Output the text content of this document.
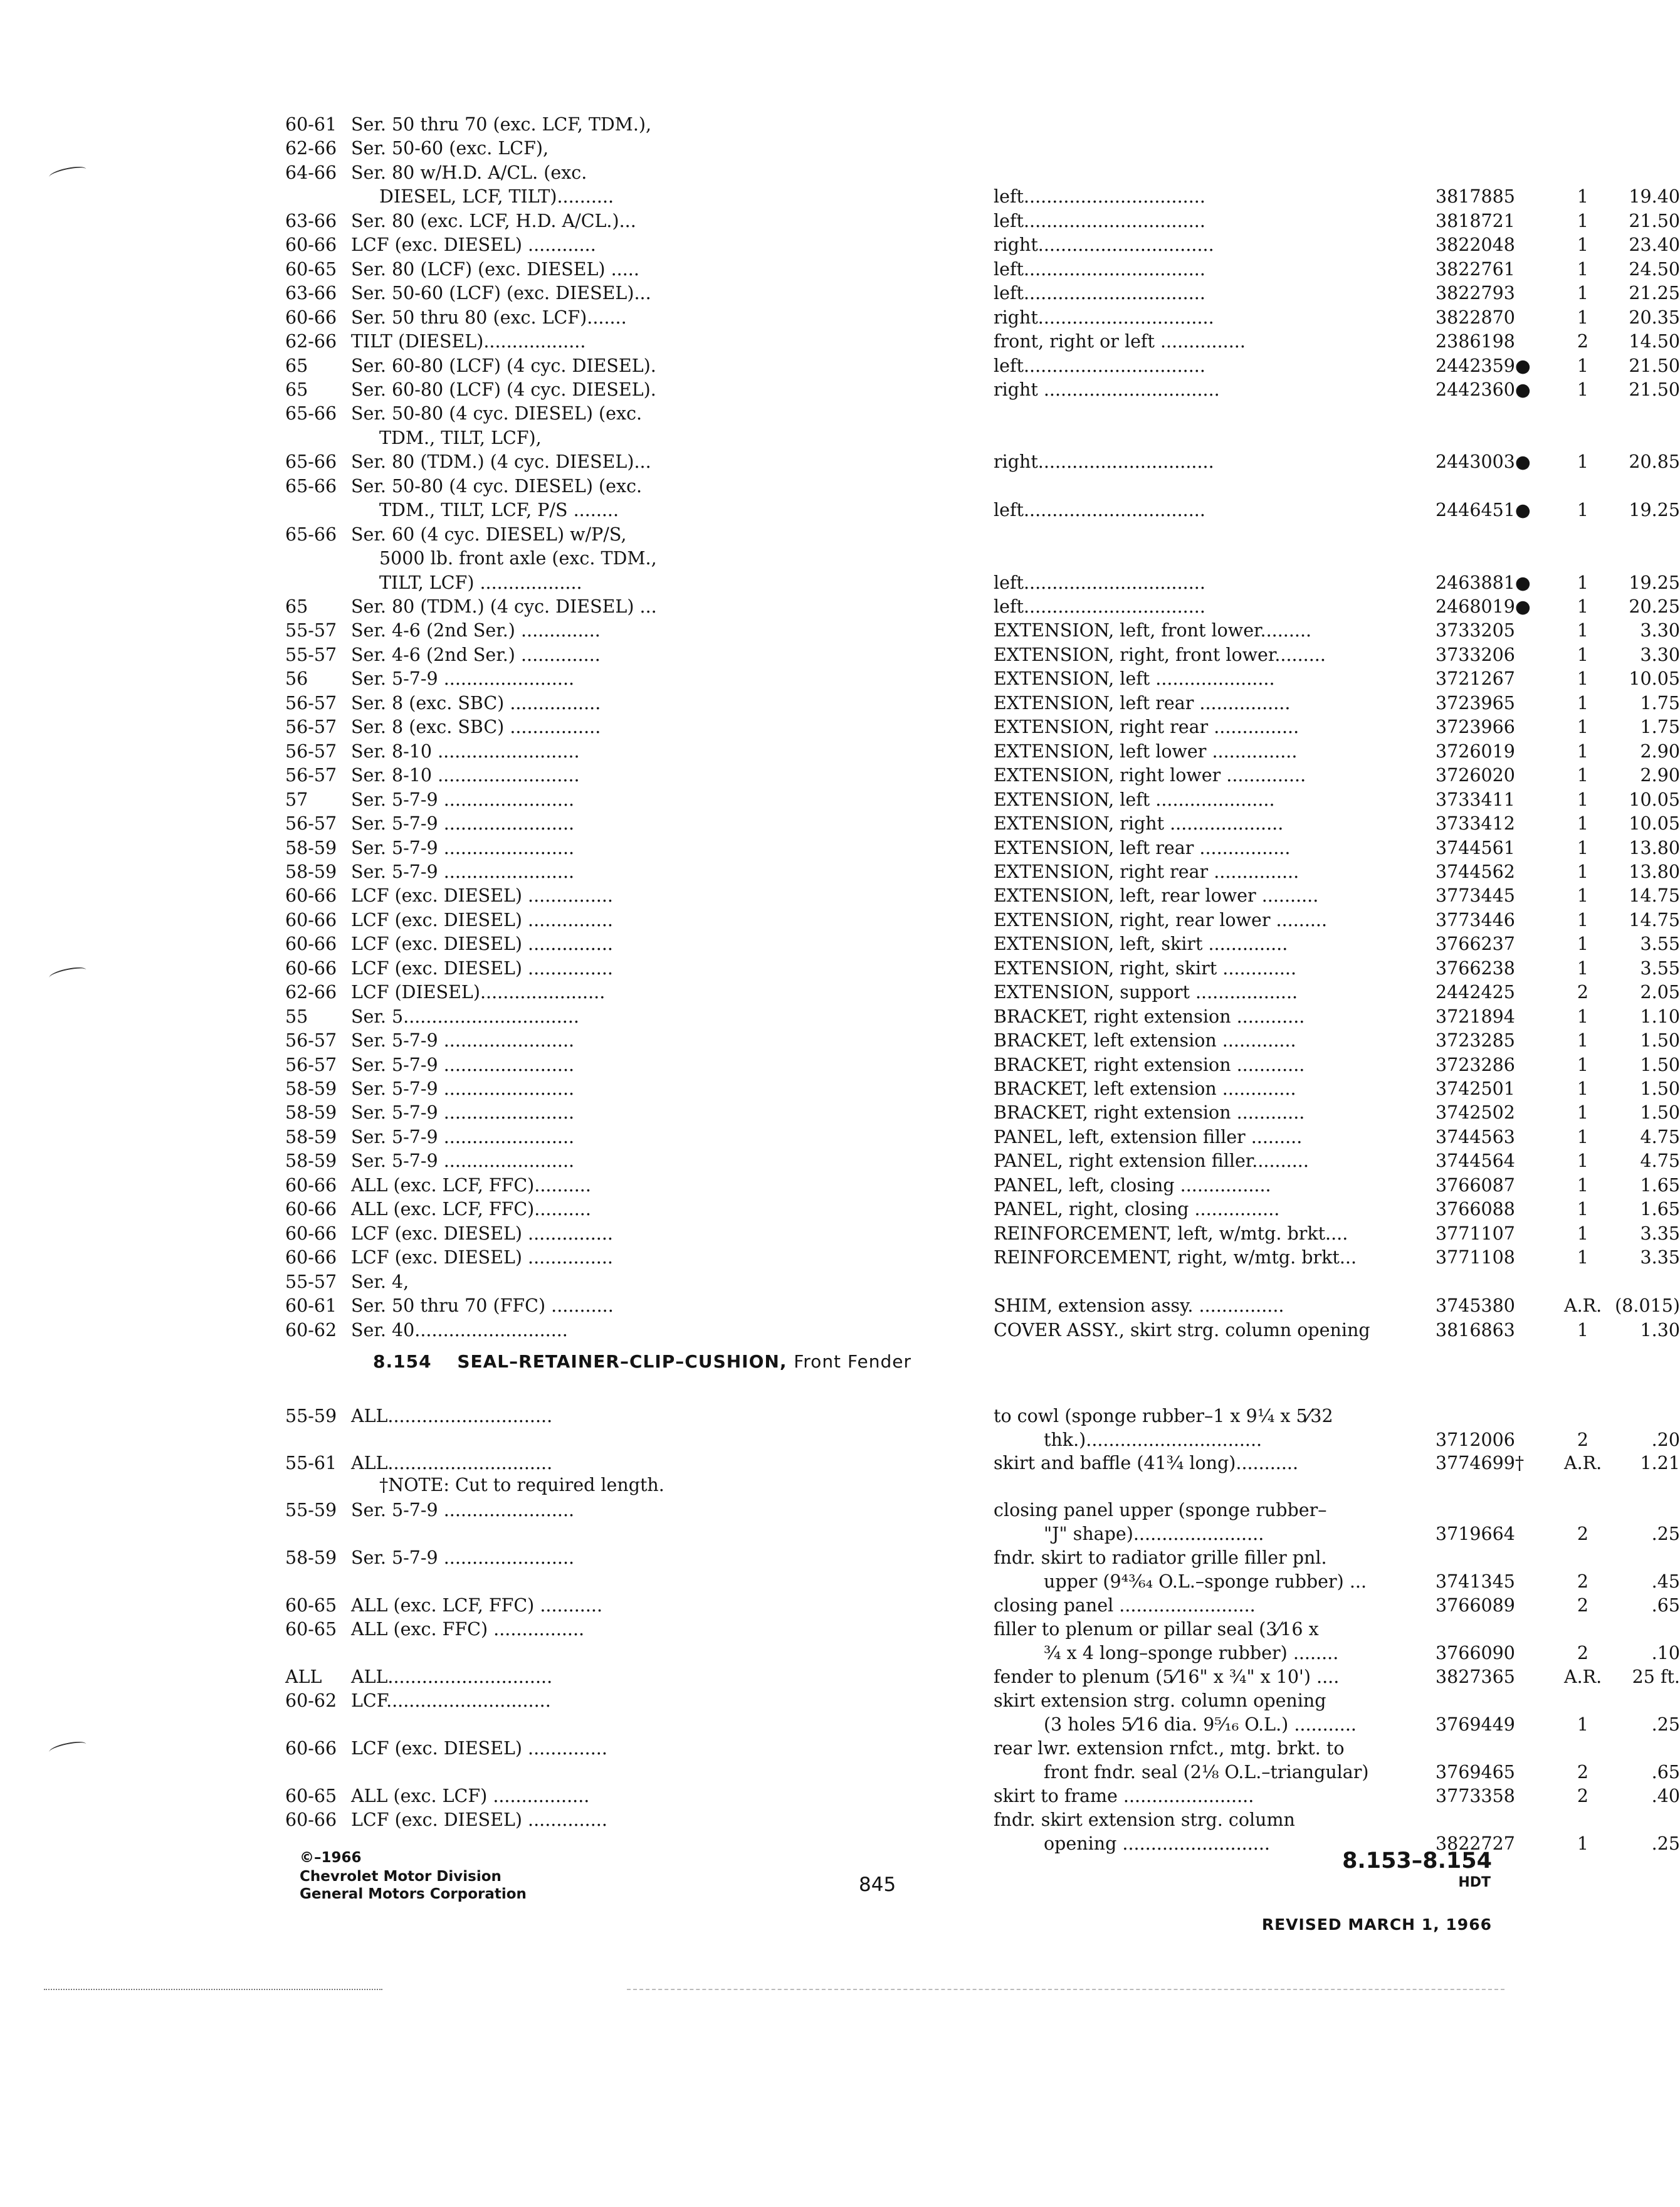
60-61 Ser. 50 thru 70 (exc. LCF, TDM.),
62-66 Ser. 50-60 (exc. LCF),
64-66 Ser. 80 w/H.D. A/CL. (exc.
DIESEL, LCF, TILT)..........	left................................	3817885	1	19.40
63-66 Ser. 80 (exc. LCF, H.D. A/CL.)...	left................................	3818721	1	21.50
60-66 LCF (exc. DIESEL) ............	right...............................	3822048	1	23.40
60-65 Ser. 80 (LCF) (exc. DIESEL) .....	left................................	3822761	1	24.50
63-66 Ser. 50-60 (LCF) (exc. DIESEL)...	left................................	3822793	1	21.25
60-66 Ser. 50 thru 80 (exc. LCF).......	right...............................	3822870	1	20.35
62-66 TILT (DIESEL)..................	front, right or left ...............	2386198	2	14.50
65	Ser. 60-80 (LCF) (4 cyc. DIESEL).	left................................	2442359●	1	21.50
65	Ser. 60-80 (LCF) (4 cyc. DIESEL).	right ...............................	2442360●	1	21.50
65-66 Ser. 50-80 (4 cyc. DIESEL) (exc.
TDM., TILT, LCF),
65-66 Ser. 80 (TDM.) (4 cyc. DIESEL)...	right...............................	2443003●	1	20.85
65-66 Ser. 50-80 (4 cyc. DIESEL) (exc.
TDM., TILT, LCF, P/S ........	left................................	2446451●	1	19.25
65-66 Ser. 60 (4 cyc. DIESEL) w/P/S,
5000 lb. front axle (exc. TDM.,
TILT, LCF) ..................	left................................	2463881●	1	19.25
65	Ser. 80 (TDM.) (4 cyc. DIESEL) ...	left................................	2468019●	1	20.25
55-57 Ser. 4-6 (2nd Ser.) ..............	EXTENSION, left, front lower.........	3733205	1	3.30
55-57 Ser. 4-6 (2nd Ser.) ..............	EXTENSION, right, front lower.........	3733206	1	3.30
56	Ser. 5-7-9 .......................	EXTENSION, left .....................	3721267	1	10.05
56-57 Ser. 8 (exc. SBC) ................	EXTENSION, left rear ................	3723965	1	1.75
56-57 Ser. 8 (exc. SBC) ................	EXTENSION, right rear ...............	3723966	1	1.75
56-57 Ser. 8-10 .........................	EXTENSION, left lower ...............	3726019	1	2.90
56-57 Ser. 8-10 .........................	EXTENSION, right lower ..............	3726020	1	2.90
57	Ser. 5-7-9 .......................	EXTENSION, left .....................	3733411	1	10.05
56-57 Ser. 5-7-9 .......................	EXTENSION, right ....................	3733412	1	10.05
58-59 Ser. 5-7-9 .......................	EXTENSION, left rear ................	3744561	1	13.80
58-59 Ser. 5-7-9 .......................	EXTENSION, right rear ...............	3744562	1	13.80
60-66 LCF (exc. DIESEL) ...............	EXTENSION, left, rear lower ..........	3773445	1	14.75
60-66 LCF (exc. DIESEL) ...............	EXTENSION, right, rear lower .........	3773446	1	14.75
60-66 LCF (exc. DIESEL) ...............	EXTENSION, left, skirt ..............	3766237	1	3.55
60-66 LCF (exc. DIESEL) ...............	EXTENSION, right, skirt .............	3766238	1	3.55
62-66 LCF (DIESEL)......................	EXTENSION, support ..................	2442425	2	2.05
55	Ser. 5...............................	BRACKET, right extension ............	3721894	1	1.10
56-57 Ser. 5-7-9 .......................	BRACKET, left extension .............	3723285	1	1.50
56-57 Ser. 5-7-9 .......................	BRACKET, right extension ............	3723286	1	1.50
58-59 Ser. 5-7-9 .......................	BRACKET, left extension .............	3742501	1	1.50
58-59 Ser. 5-7-9 .......................	BRACKET, right extension ............	3742502	1	1.50
58-59 Ser. 5-7-9 .......................	PANEL, left, extension filler .........	3744563	1	4.75
58-59 Ser. 5-7-9 .......................	PANEL, right extension filler..........	3744564	1	4.75
60-66 ALL (exc. LCF, FFC)..........	PANEL, left, closing ................	3766087	1	1.65
60-66 ALL (exc. LCF, FFC)..........	PANEL, right, closing ...............	3766088	1	1.65
60-66 LCF (exc. DIESEL) ...............	REINFORCEMENT, left, w/mtg. brkt....	3771107	1	3.35
60-66 LCF (exc. DIESEL) ...............	REINFORCEMENT, right, w/mtg. brkt...	3771108	1	3.35
55-57 Ser. 4,
60-61 Ser. 50 thru 70 (FFC) ...........	SHIM, extension assy. ...............	3745380	A.R. (8.015)
60-62 Ser. 40...........................	COVER ASSY., skirt strg. column opening	3816863	1	1.30
8.154 SEAL–RETAINER–CLIP–CUSHION, Front Fender
55-59 ALL.............................	to cowl (sponge rubber–1 x 9¼ x 5⁄32
thk.)...............................	3712006	2	.20
55-61 ALL.............................	skirt and baffle (41¾ long)...........	3774699†	A.R.	1.21
†NOTE: Cut to required length.
55-59 Ser. 5-7-9 .......................	closing panel upper (sponge rubber–
"J" shape).......................	3719664	2	.25
58-59 Ser. 5-7-9 .......................	fndr. skirt to radiator grille filler pnl.
upper (9⁴³⁄₆₄ O.L.–sponge rubber) ...	3741345	2	.45
60-65 ALL (exc. LCF, FFC) ...........	closing panel ........................	3766089	2	.65
60-65 ALL (exc. FFC) ................	filler to plenum or pillar seal (3⁄16 x
¾ x 4 long–sponge rubber) ........	3766090	2	.10
ALL	ALL.............................	fender to plenum (5⁄16" x ¾" x 10') ....	3827365	A.R.	25 ft.
60-62 LCF.............................	skirt extension strg. column opening
(3 holes 5⁄16 dia. 9⁵⁄₁₆ O.L.) ...........	3769449	1	.25
60-66 LCF (exc. DIESEL) ..............	rear lwr. extension rnfct., mtg. brkt. to
front fndr. seal (2⅛ O.L.–triangular)	3769465	2	.65
60-65 ALL (exc. LCF) .................	skirt to frame .......................	3773358	2	.40
60-66 LCF (exc. DIESEL) ..............	fndr. skirt extension strg. column
opening ..........................	3822727	1	.25
©–1966
Chevrolet Motor Division
General Motors Corporation	845
8.153–8.154
HDT
REVISED MARCH 1, 1966
